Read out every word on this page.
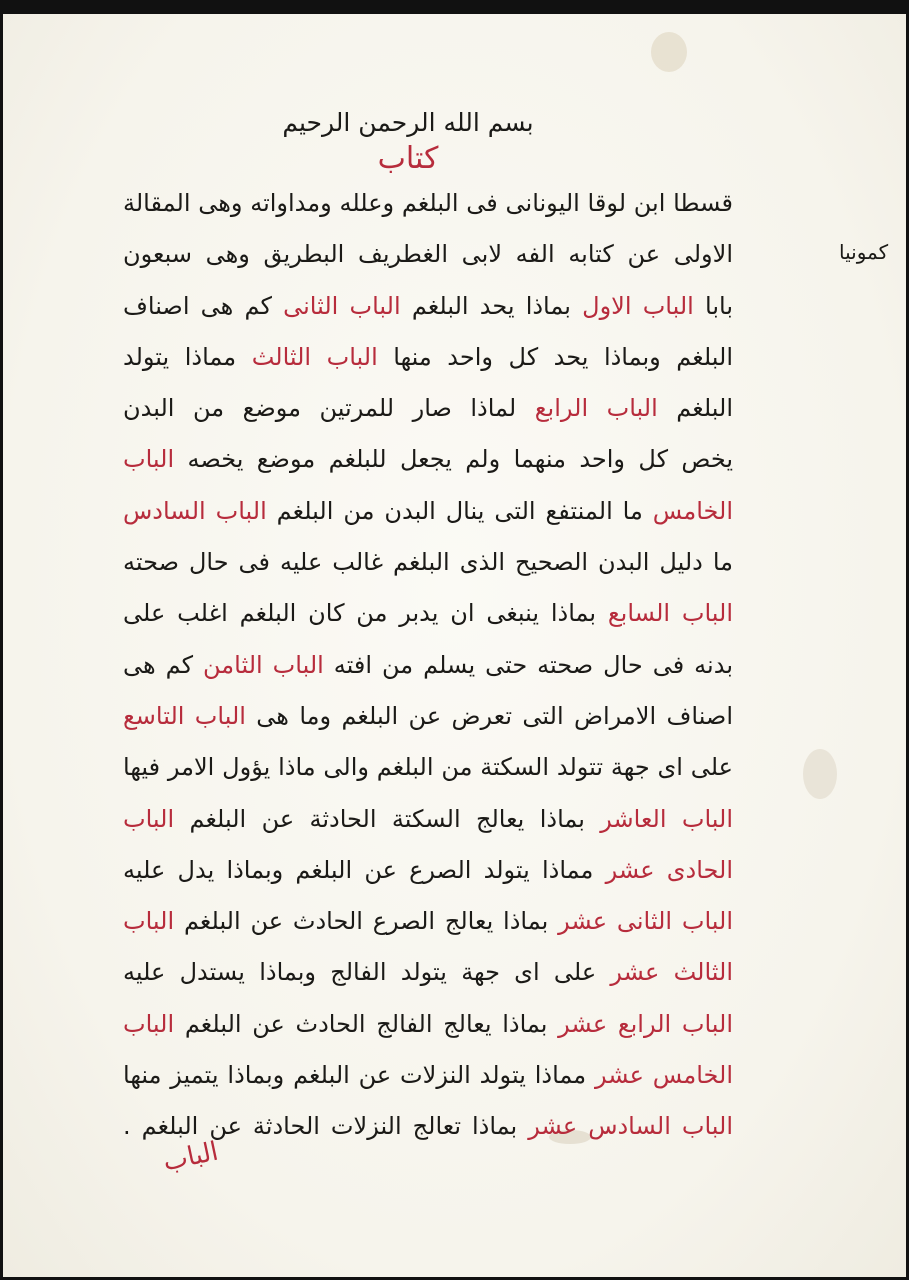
بسم الله الرحمن الرحيم
كتاب
قسطا ابن لوقا اليونانى فى البلغم وعلله ومداواته وهى المقالة
الاولى عن كتابه الفه لابى الغطريف البطريق وهى سبعون
بابا الباب الاول بماذا يحد البلغم الباب الثانى كم هى اصناف
البلغم وبماذا يحد كل واحد منها الباب الثالث مماذا يتولد
البلغم الباب الرابع لماذا صار للمرتين موضع من البدن
يخص كل واحد منهما ولم يجعل للبلغم موضع يخصه الباب
الخامس ما المنتفع التى ينال البدن من البلغم الباب السادس
ما دليل البدن الصحيح الذى البلغم غالب عليه فى حال صحته
الباب السابع بماذا ينبغى ان يدبر من كان البلغم اغلب على
بدنه فى حال صحته حتى يسلم من افته الباب الثامن كم هى
اصناف الامراض التى تعرض عن البلغم وما هى الباب التاسع
على اى جهة تتولد السكتة من البلغم والى ماذا يؤول الامر فيها
الباب العاشر بماذا يعالج السكتة الحادثة عن البلغم الباب
الحادى عشر مماذا يتولد الصرع عن البلغم وبماذا يدل عليه
الباب الثانى عشر بماذا يعالج الصرع الحادث عن البلغم الباب
الثالث عشر على اى جهة يتولد الفالج وبماذا يستدل عليه
الباب الرابع عشر بماذا يعالج الفالج الحادث عن البلغم الباب
الخامس عشر مماذا يتولد النزلات عن البلغم وبماذا يتميز منها
الباب السادس عشر بماذا تعالج النزلات الحادثة عن البلغم .
كمونيا
الباب
